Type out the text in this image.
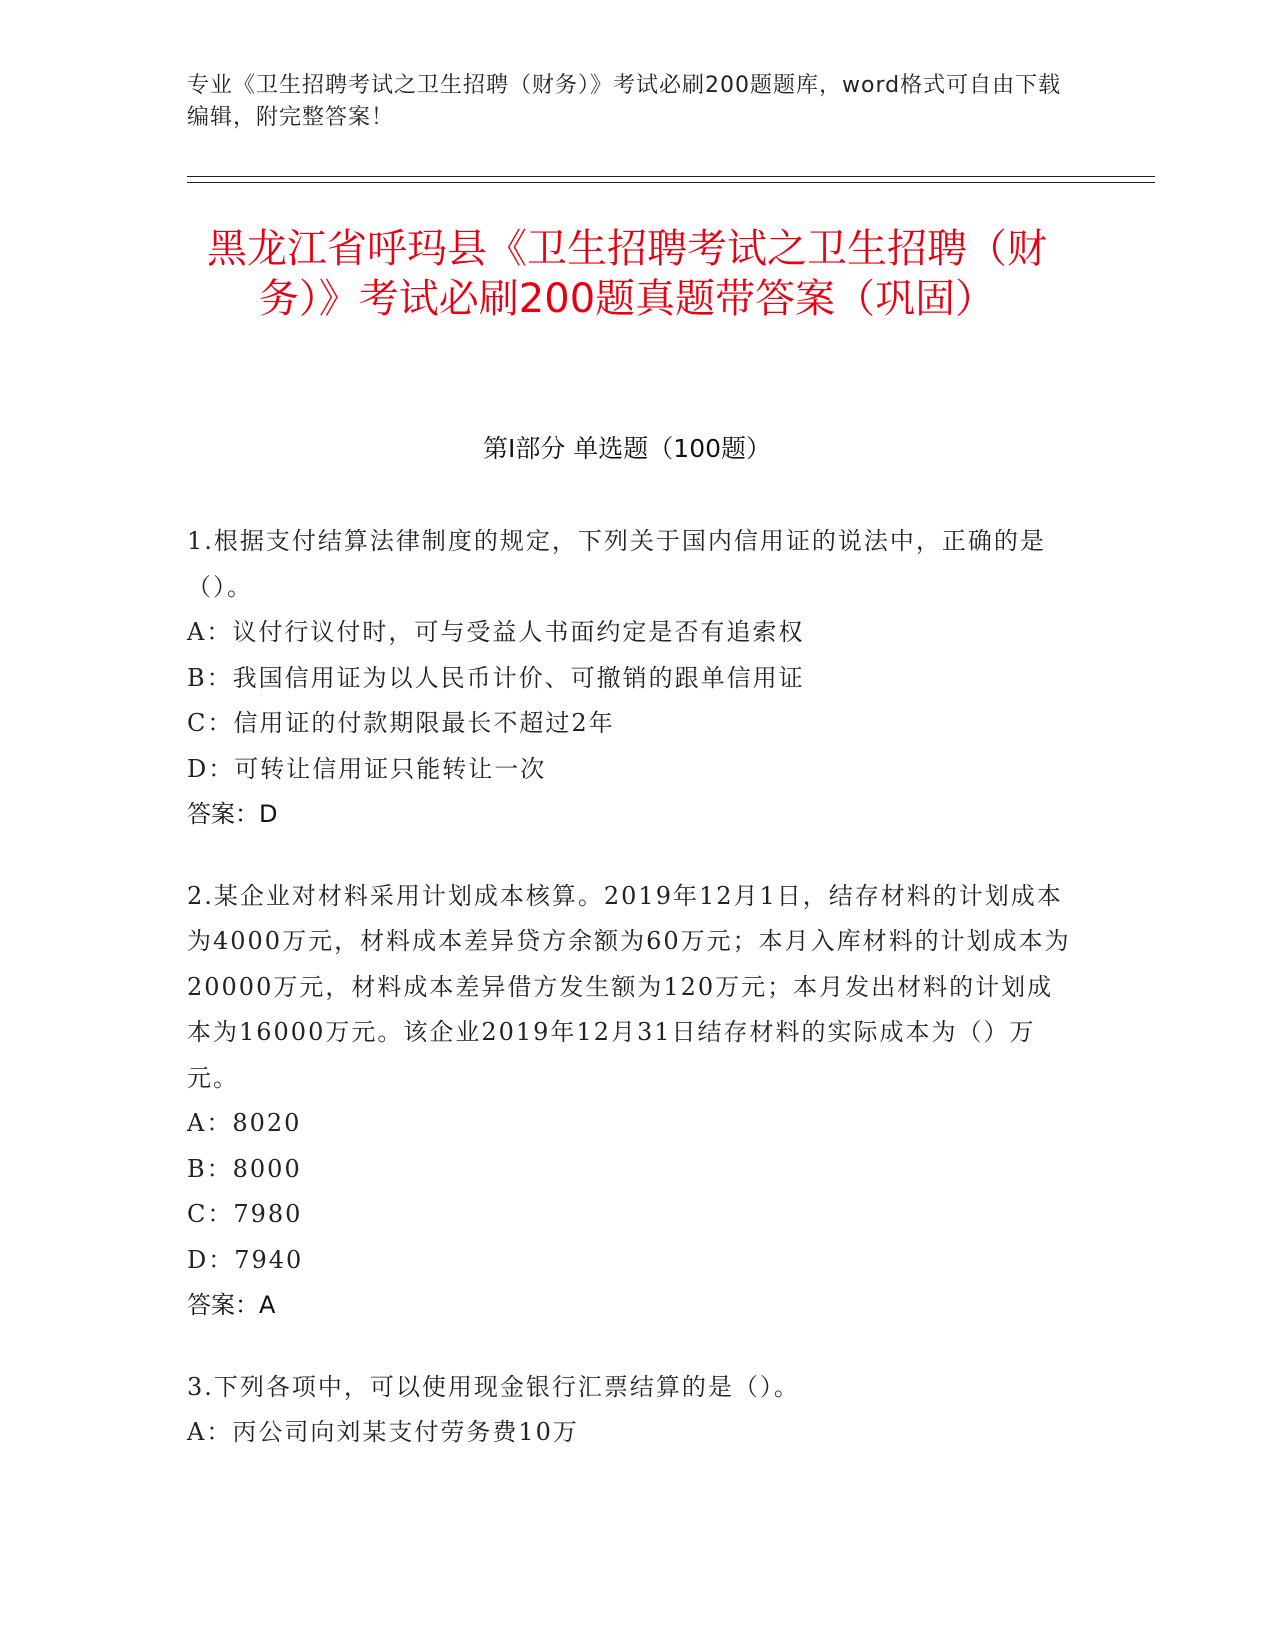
专业《卫生招聘考试之卫生招聘（财务）》考试必刷200题题库，word格式可自由下载编辑，附完整答案！
黑龙江省呼玛县《卫生招聘考试之卫生招聘（财务）》考试必刷200题真题带答案（巩固）
第I部分 单选题（100题）
1.根据支付结算法律制度的规定，下列关于国内信用证的说法中，正确的是（）。
A：议付行议付时，可与受益人书面约定是否有追索权
B：我国信用证为以人民币计价、可撤销的跟单信用证
C：信用证的付款期限最长不超过2年
D：可转让信用证只能转让一次
答案：D
2.某企业对材料采用计划成本核算。2019年12月1日，结存材料的计划成本为4000万元，材料成本差异贷方余额为60万元；本月入库材料的计划成本为20000万元，材料成本差异借方发生额为120万元；本月发出材料的计划成本为16000万元。该企业2019年12月31日结存材料的实际成本为（）万元。
A：8020
B：8000
C：7980
D：7940
答案：A
3.下列各项中，可以使用现金银行汇票结算的是（）。
A：丙公司向刘某支付劳务费10万
